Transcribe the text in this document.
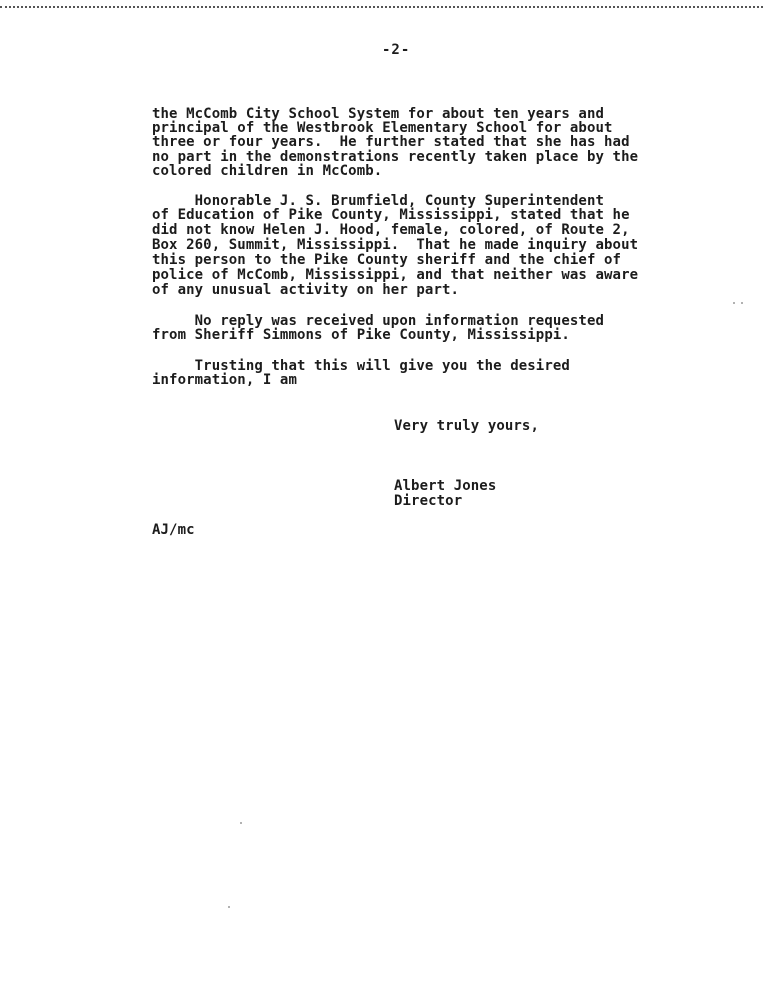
-2-
the McComb City School System for about ten years and
principal of the Westbrook Elementary School for about
three or four years.  He further stated that she has had
no part in the demonstrations recently taken place by the
colored children in McComb.
Honorable J. S. Brumfield, County Superintendent
of Education of Pike County, Mississippi, stated that he
did not know Helen J. Hood, female, colored, of Route 2,
Box 260, Summit, Mississippi.  That he made inquiry about
this person to the Pike County sheriff and the chief of
police of McComb, Mississippi, and that neither was aware
of any unusual activity on her part.
No reply was received upon information requested
from Sheriff Simmons of Pike County, Mississippi.
Trusting that this will give you the desired
information, I am
Very truly yours,
Albert Jones
Director
AJ/mc
